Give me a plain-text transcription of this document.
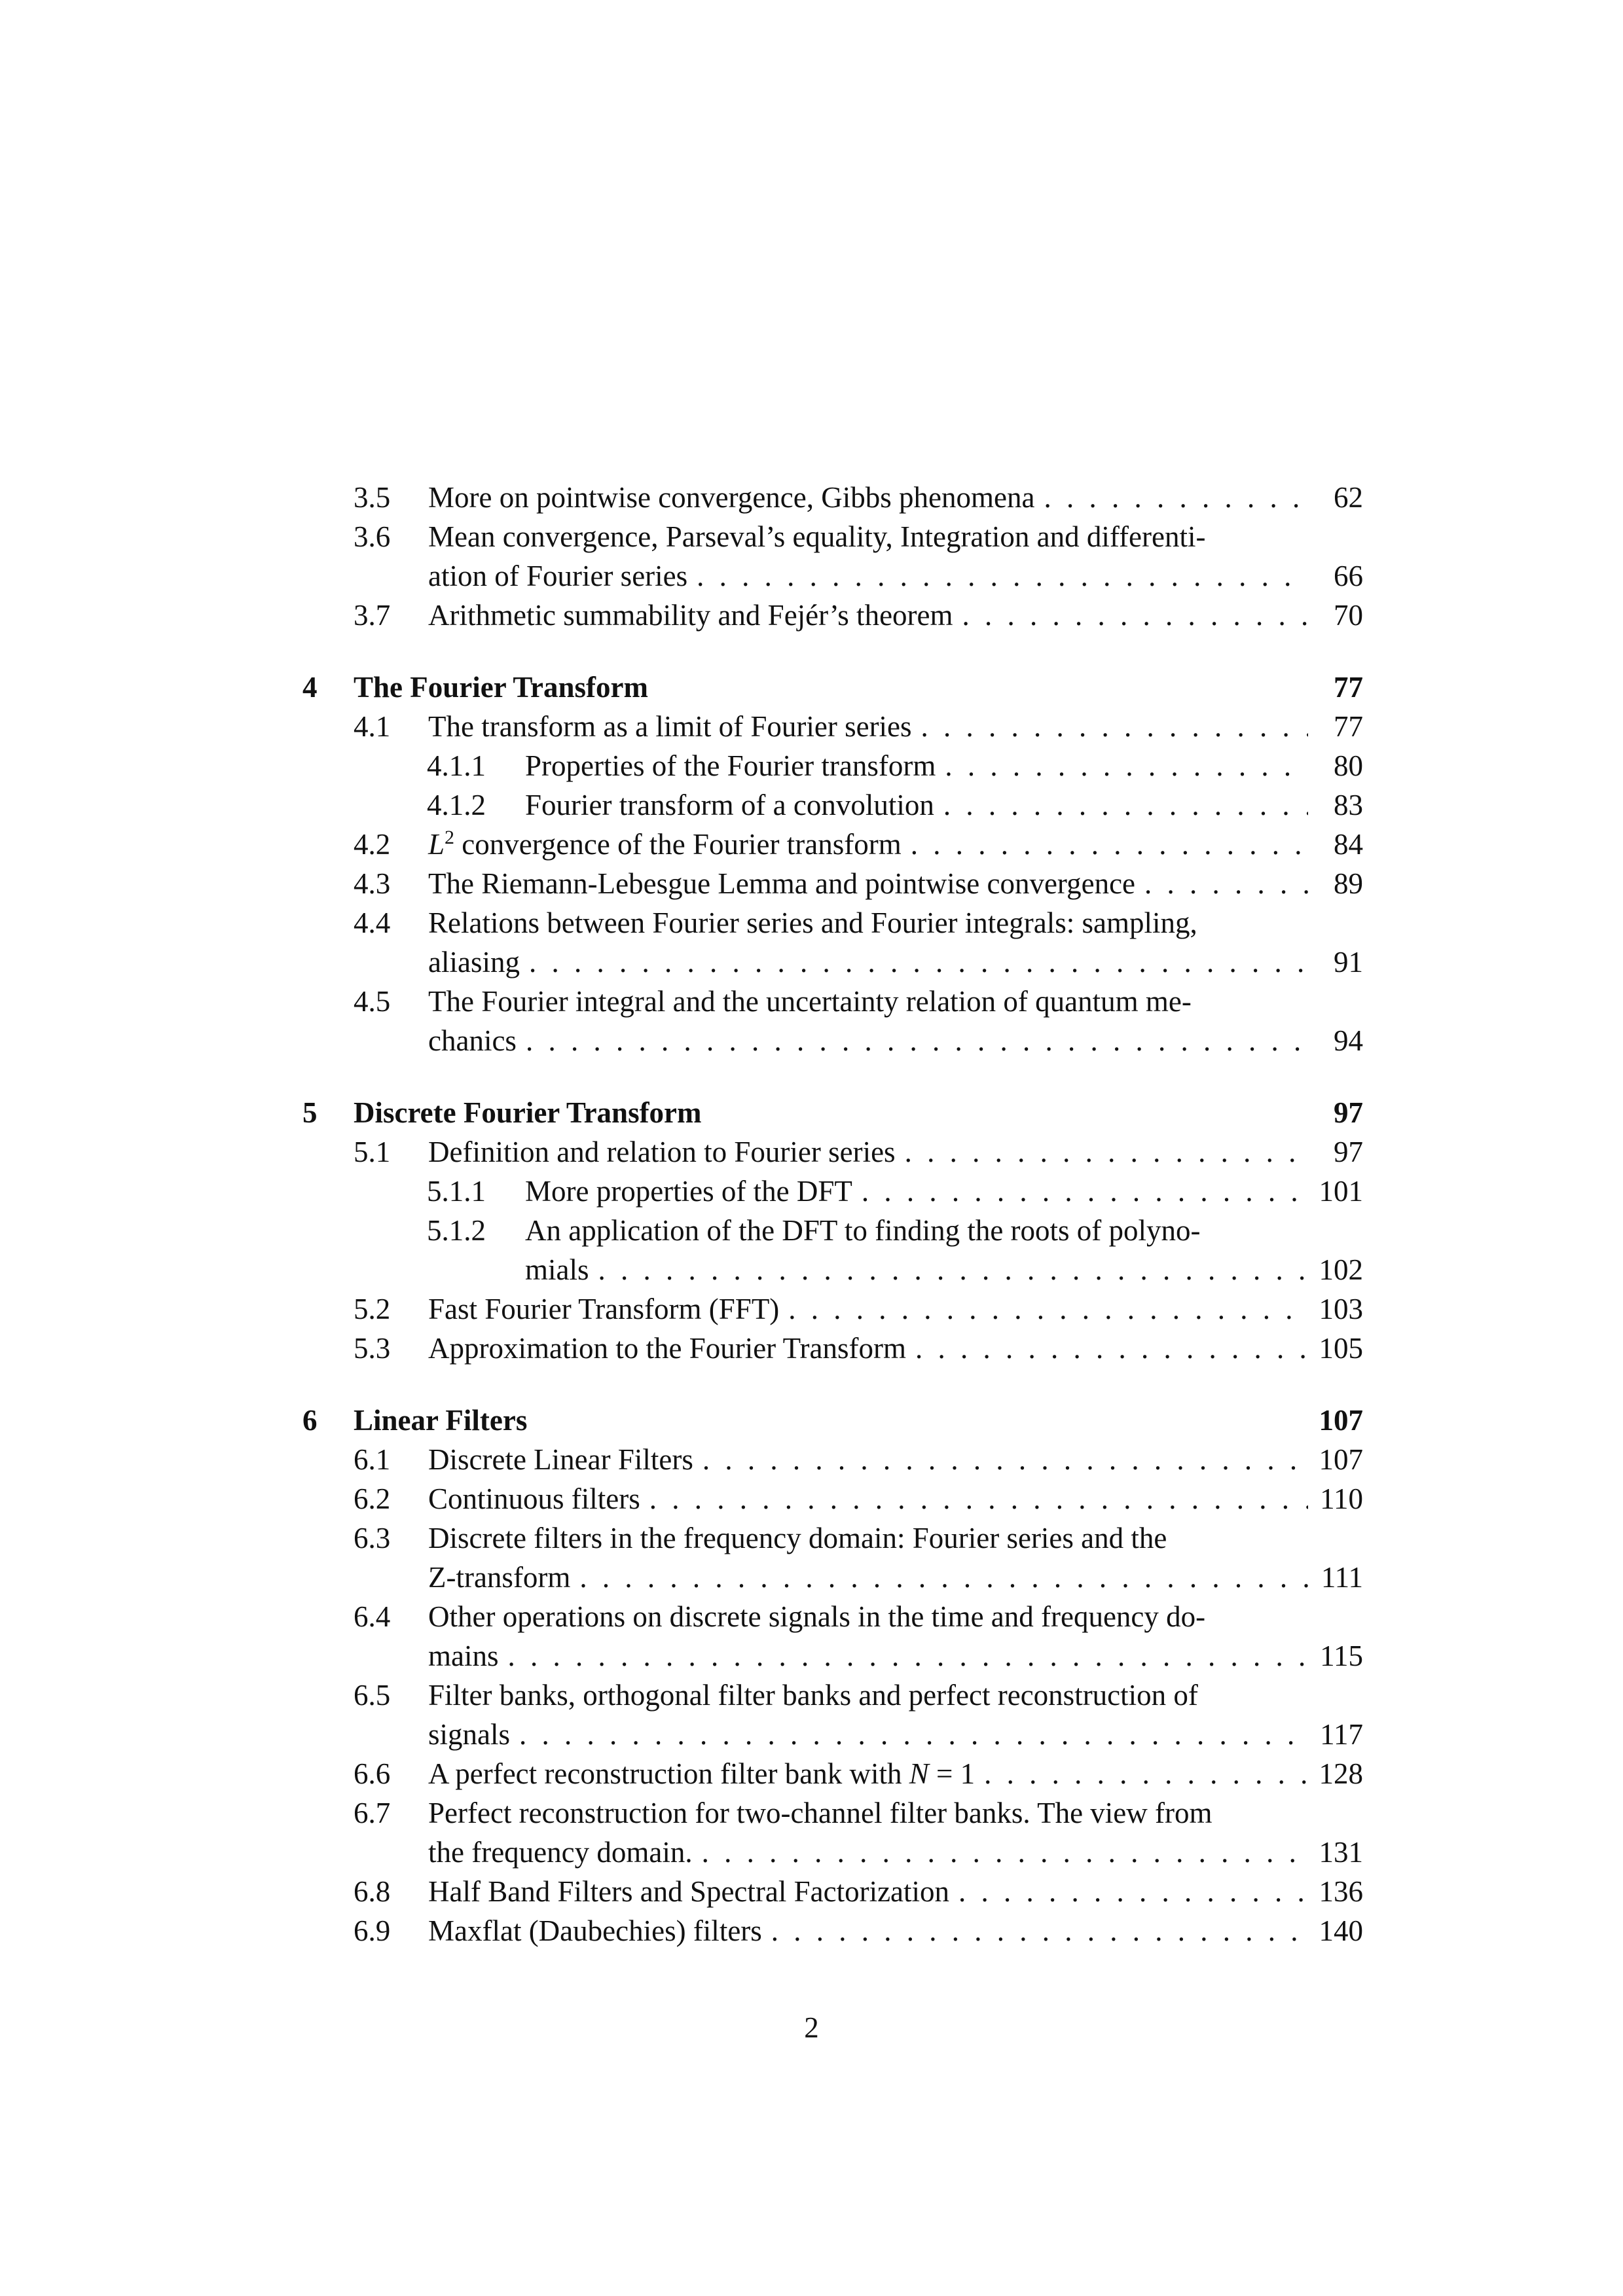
3.5 More on pointwise convergence, Gibbs phenomena . . .	62
3.6 Mean convergence, Parseval’s equality, Integration and differenti-
ation of Fourier series . . .	66
3.7 Arithmetic summability and Fejér’s theorem . . .	70
4 The Fourier Transform	77
4.1 The transform as a limit of Fourier series . . .	77
4.1.1 Properties of the Fourier transform . . .	80
4.1.2 Fourier transform of a convolution . . .	83
4.2 $L^2$ convergence of the Fourier transform . . .	84
4.3 The Riemann-Lebesgue Lemma and pointwise convergence . . .	89
4.4 Relations between Fourier series and Fourier integrals: sampling,
aliasing . . .	91
4.5 The Fourier integral and the uncertainty relation of quantum me-
chanics . . .	94
5 Discrete Fourier Transform	97
5.1 Definition and relation to Fourier series . . .	97
5.1.1 More properties of the DFT . . .	101
5.1.2 An application of the DFT to finding the roots of polyno-
mials . . .	102
5.2 Fast Fourier Transform (FFT) . . .	103
5.3 Approximation to the Fourier Transform . . .	105
6 Linear Filters	107
6.1 Discrete Linear Filters . . .	107
6.2 Continuous filters . . .	110
6.3 Discrete filters in the frequency domain: Fourier series and the
Z-transform . . .	111
6.4 Other operations on discrete signals in the time and frequency do-
mains . . .	115
6.5 Filter banks, orthogonal filter banks and perfect reconstruction of
signals . . .	117
6.6 A perfect reconstruction filter bank with N = 1 . . .	128
6.7 Perfect reconstruction for two-channel filter banks. The view from
the frequency domain. . . .	131
6.8 Half Band Filters and Spectral Factorization . . .	136
6.9 Maxflat (Daubechies) filters . . .	140
2
